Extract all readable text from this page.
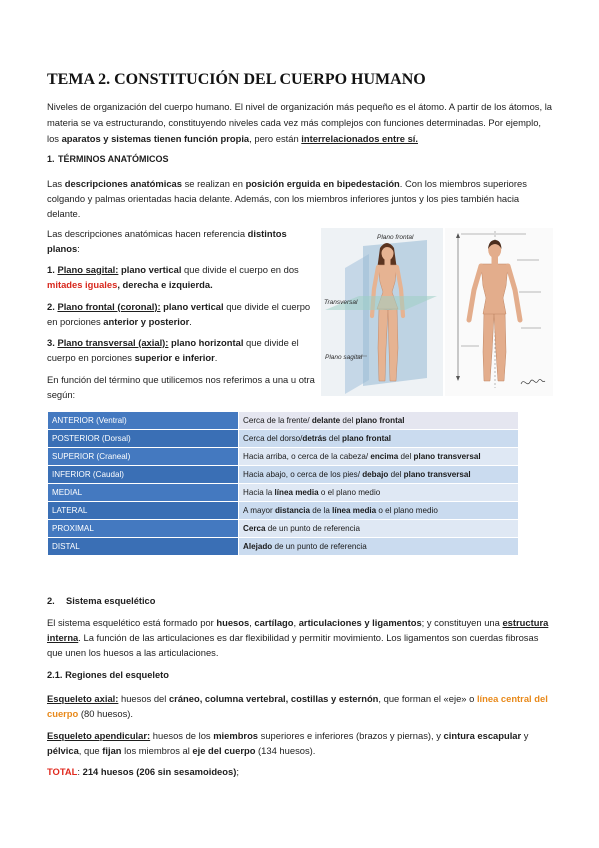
TEMA 2. CONSTITUCIÓN DEL CUERPO HUMANO

Niveles de organización del cuerpo humano. El nivel de organización más pequeño es el átomo. A partir de los átomos, la materia se va estructurando, constituyendo niveles cada vez más complejos con funciones determinadas. Por ejemplo, los aparatos y sistemas tienen función propia, pero están interrelacionados entre sí.

1. TÉRMINOS ANATÓMICOS

Las descripciones anatómicas se realizan en posición erguida en bipedestación. Con los miembros superiores colgando y palmas orientadas hacia delante. Además, con los miembros inferiores juntos y los pies también hacia delante.

Las descripciones anatómicas hacen referencia distintos planos:

1. Plano sagital: plano vertical que divide el cuerpo en dos mitades iguales, derecha e izquierda.

2. Plano frontal (coronal): plano vertical que divide el cuerpo en porciones anterior y posterior.

3. Plano transversal (axial): plano horizontal que divide el cuerpo en porciones superior e inferior.

En función del término que utilicemos nos referimos a una u otra según:

Plano frontal
Transversal
Plano sagital
ANTERIOR (Ventral)	Cerca de la frente/ delante del plano frontal
POSTERIOR (Dorsal)	Cerca del dorso/detrás del plano frontal
SUPERIOR (Craneal)	Hacia arriba, o cerca de la cabeza/ encima del plano transversal
INFERIOR (Caudal)	Hacia abajo, o cerca de los pies/ debajo del plano transversal
MEDIAL	Hacia la línea media o el plano medio
LATERAL	A mayor distancia de la línea media o el plano medio
PROXIMAL	Cerca de un punto de referencia
DISTAL	Alejado de un punto de referencia
2. Sistema esquelético

El sistema esquelético está formado por huesos, cartílago, articulaciones y ligamentos; y constituyen una estructura interna. La función de las articulaciones es dar flexibilidad y permitir movimiento. Los ligamentos son cuerdas fibrosas que unen los huesos a las articulaciones.

2.1. Regiones del esqueleto

Esqueleto axial: huesos del cráneo, columna vertebral, costillas y esternón, que forman el «eje» o línea central del cuerpo (80 huesos).

Esqueleto apendicular: huesos de los miembros superiores e inferiores (brazos y piernas), y cintura escapular y pélvica, que fijan los miembros al eje del cuerpo (134 huesos).

TOTAL: 214 huesos (206 sin sesamoideos);
